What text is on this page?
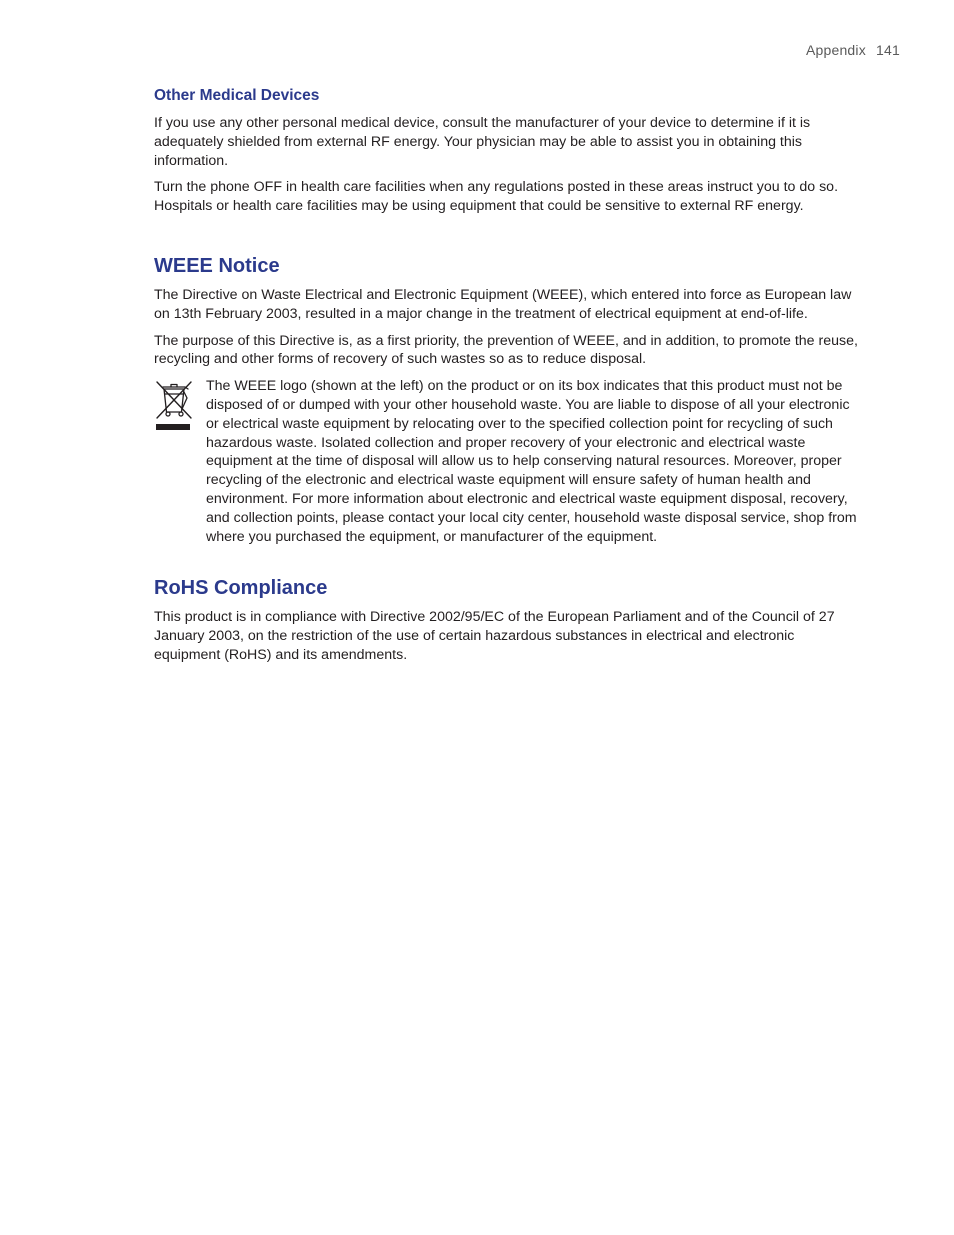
Appendix 141
Other Medical Devices

If you use any other personal medical device, consult the manufacturer of your device to determine if it is adequately shielded from external RF energy. Your physician may be able to assist you in obtaining this information.

Turn the phone OFF in health care facilities when any regulations posted in these areas instruct you to do so. Hospitals or health care facilities may be using equipment that could be sensitive to external RF energy.

WEEE Notice

The Directive on Waste Electrical and Electronic Equipment (WEEE), which entered into force as European law on 13th February 2003, resulted in a major change in the treatment of electrical equipment at end-of-life.

The purpose of this Directive is, as a first priority, the prevention of WEEE, and in addition, to promote the reuse, recycling and other forms of recovery of such wastes so as to reduce disposal.

The WEEE logo (shown at the left) on the product or on its box indicates that this product must not be disposed of or dumped with your other household waste. You are liable to dispose of all your electronic or electrical waste equipment by relocating over to the specified collection point for recycling of such hazardous waste. Isolated collection and proper recovery of your electronic and electrical waste equipment at the time of disposal will allow us to help conserving natural resources. Moreover, proper recycling of the electronic and electrical waste equipment will ensure safety of human health and environment. For more information about electronic and electrical waste equipment disposal, recovery, and collection points, please contact your local city center, household waste disposal service, shop from where you purchased the equipment, or manufacturer of the equipment.

RoHS Compliance

This product is in compliance with Directive 2002/95/EC of the European Parliament and of the Council of 27 January 2003, on the restriction of the use of certain hazardous substances in electrical and electronic equipment (RoHS) and its amendments.
